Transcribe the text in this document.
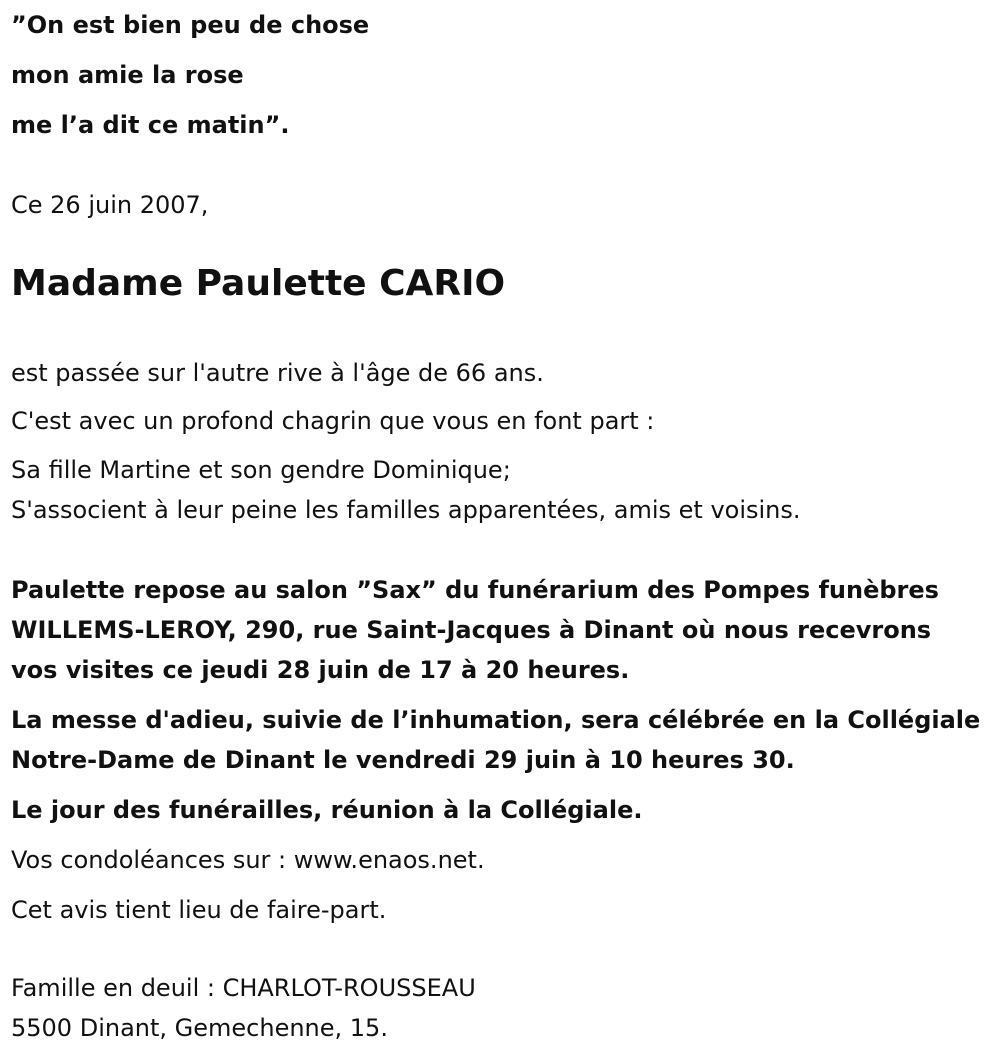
”On est bien peu de chose
mon amie la rose
me l’a dit ce matin”.
Ce 26 juin 2007,
Madame Paulette CARIO
est passée sur l'autre rive à l'âge de 66 ans.
C'est avec un profond chagrin que vous en font part :
Sa fille Martine et son gendre Dominique;
S'associent à leur peine les familles apparentées, amis et voisins.
Paulette repose au salon ”Sax” du funérarium des Pompes funèbres
WILLEMS-LEROY, 290, rue Saint-Jacques à Dinant où nous recevrons
vos visites ce jeudi 28 juin de 17 à 20 heures.
La messe d'adieu, suivie de l’inhumation, sera célébrée en la Collégiale
Notre-Dame de Dinant le vendredi 29 juin à 10 heures 30.
Le jour des funérailles, réunion à la Collégiale.
Vos condoléances sur : www.enaos.net.
Cet avis tient lieu de faire-part.
Famille en deuil : CHARLOT-ROUSSEAU
5500 Dinant, Gemechenne, 15.
